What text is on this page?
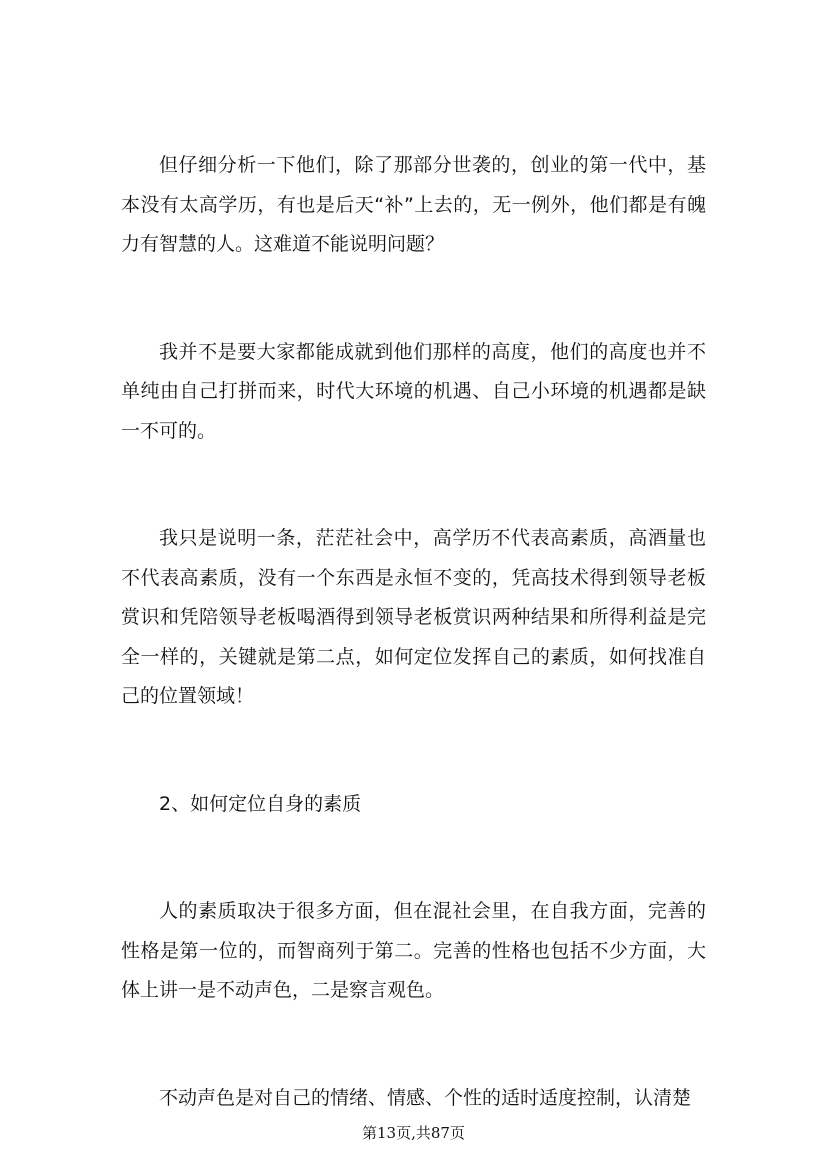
但仔细分析一下他们，除了那部分世袭的，创业的第一代中，基本没有太高学历，有也是后天“补”上去的，无一例外，他们都是有魄力有智慧的人。这难道不能说明问题？

我并不是要大家都能成就到他们那样的高度，他们的高度也并不单纯由自己打拼而来，时代大环境的机遇、自己小环境的机遇都是缺一不可的。

我只是说明一条，茫茫社会中，高学历不代表高素质，高酒量也不代表高素质，没有一个东西是永恒不变的，凭高技术得到领导老板赏识和凭陪领导老板喝酒得到领导老板赏识两种结果和所得利益是完全一样的，关键就是第二点，如何定位发挥自己的素质，如何找准自己的位置领域！

2、如何定位自身的素质

人的素质取决于很多方面，但在混社会里，在自我方面，完善的性格是第一位的，而智商列于第二。完善的性格也包括不少方面，大体上讲一是不动声色，二是察言观色。

不动声色是对自己的情绪、情感、个性的适时适度控制，认清楚

第13页,共87页
